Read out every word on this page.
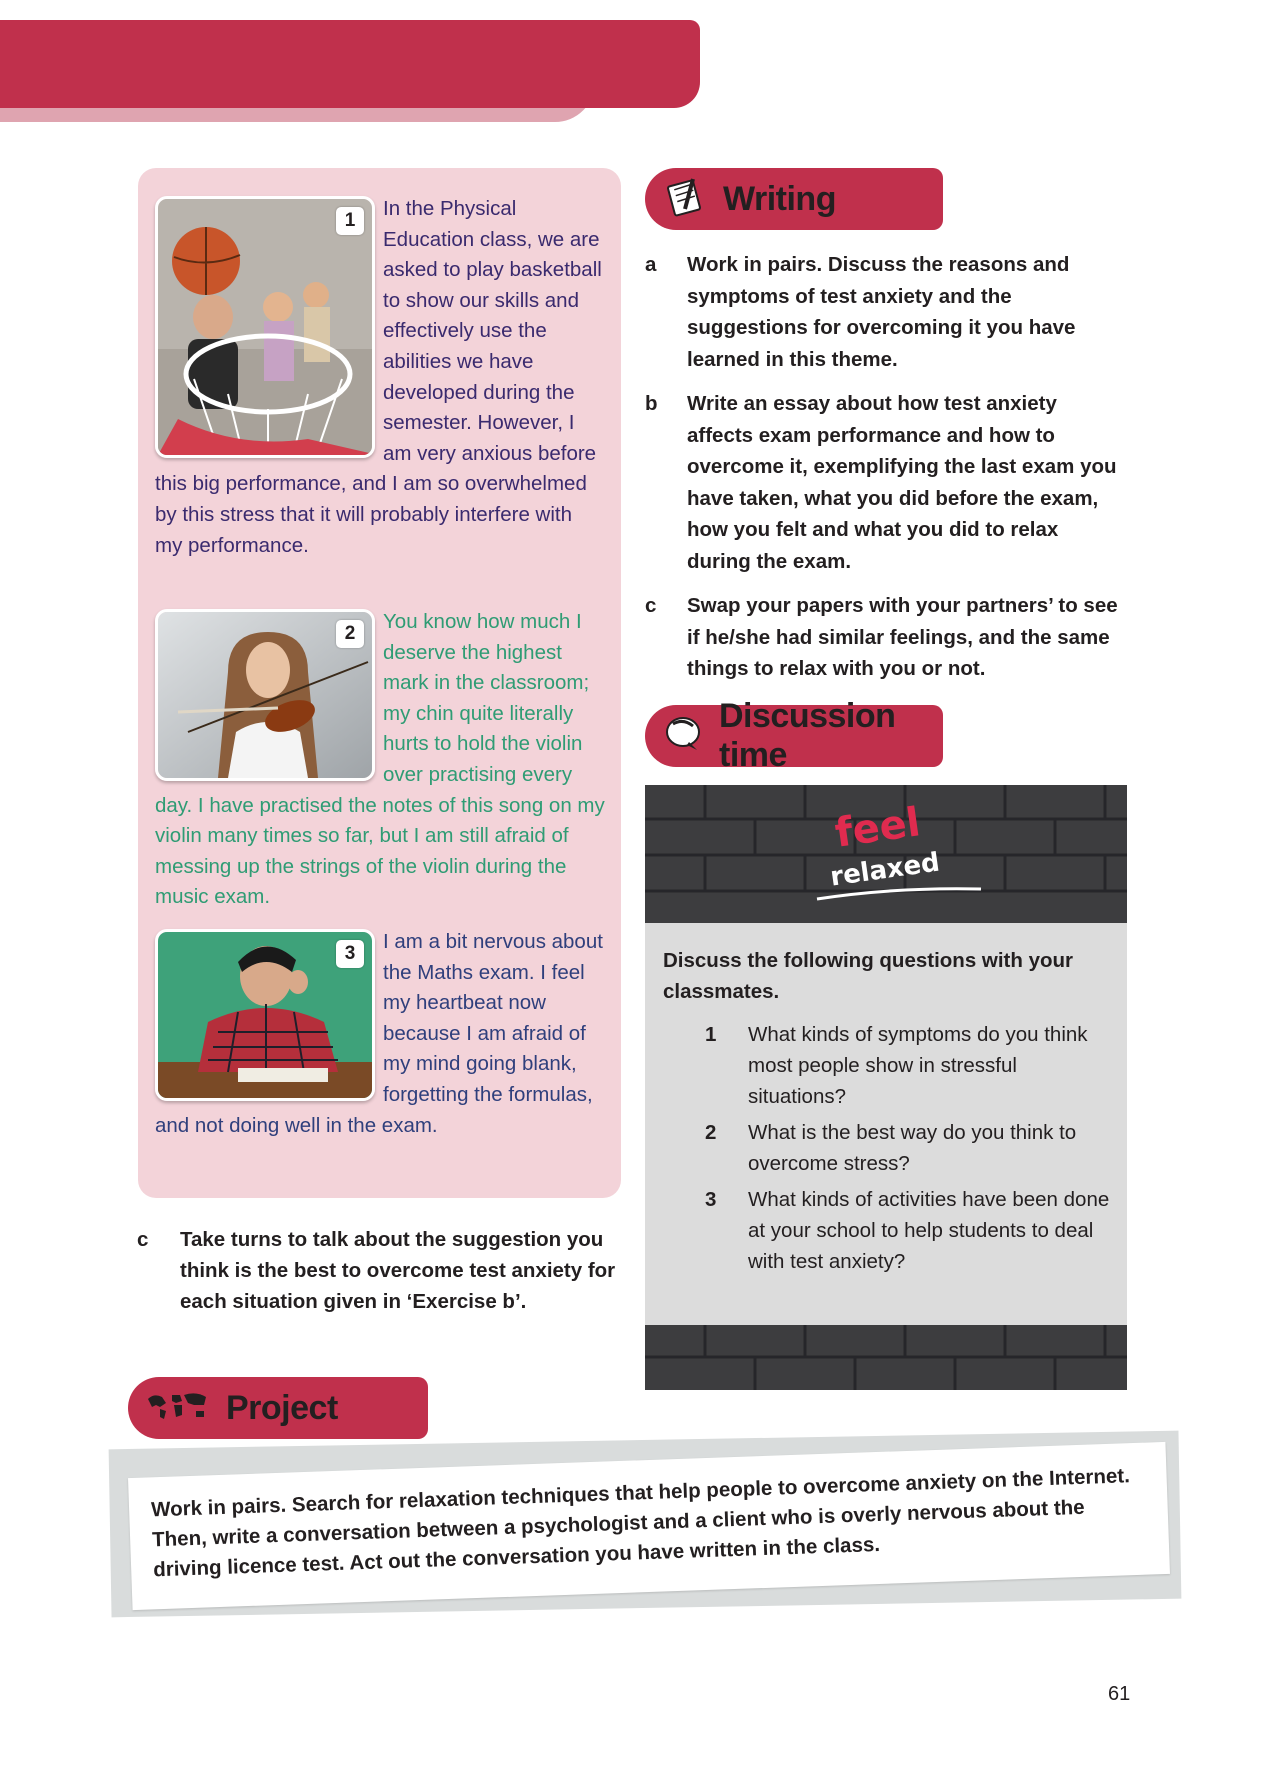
1
In the Physical Education class, we are asked to play basketball to show our skills and effectively use the abilities we have developed during the semester. However, I am very anxious before this big performance, and I am so overwhelmed by this stress that it will probably interfere with my performance.
2
You know how much I deserve the highest mark in the classroom; my chin quite literally hurts to hold the violin over practising every day. I have practised the notes of this song on my violin many times so far, but I am still afraid of messing up the strings of the violin during the music exam.
3
I am a bit nervous about the Maths exam. I feel my heartbeat now because I am afraid of my mind going blank, forgetting the formulas, and not doing well in the exam.
c Take turns to talk about the suggestion you think is the best to overcome test anxiety for each situation given in ‘Exercise b’.
Writing
a Work in pairs. Discuss the reasons and symptoms of test anxiety and the suggestions for overcoming it you have learned in this theme.
b Write an essay about how test anxiety affects exam performance and how to overcome it, exemplifying the last exam you have taken, what you did before the exam, how you felt and what you did to relax during the exam.
c Swap your papers with your partners’ to see if he/she had similar feelings, and the same things to relax with you or not.
Discussion time
feel
relaxed
Discuss the following questions with your classmates.
1 What kinds of symptoms do you think most people show in stressful situations?
2 What is the best way do you think to overcome stress?
3 What kinds of activities have been done at your school to help students to deal with test anxiety?
Project
Work in pairs. Search for relaxation techniques that help people to overcome anxiety on the Internet. Then, write a conversation between a psychologist and a client who is overly nervous about the driving licence test. Act out the conversation you have written in the class.
61
